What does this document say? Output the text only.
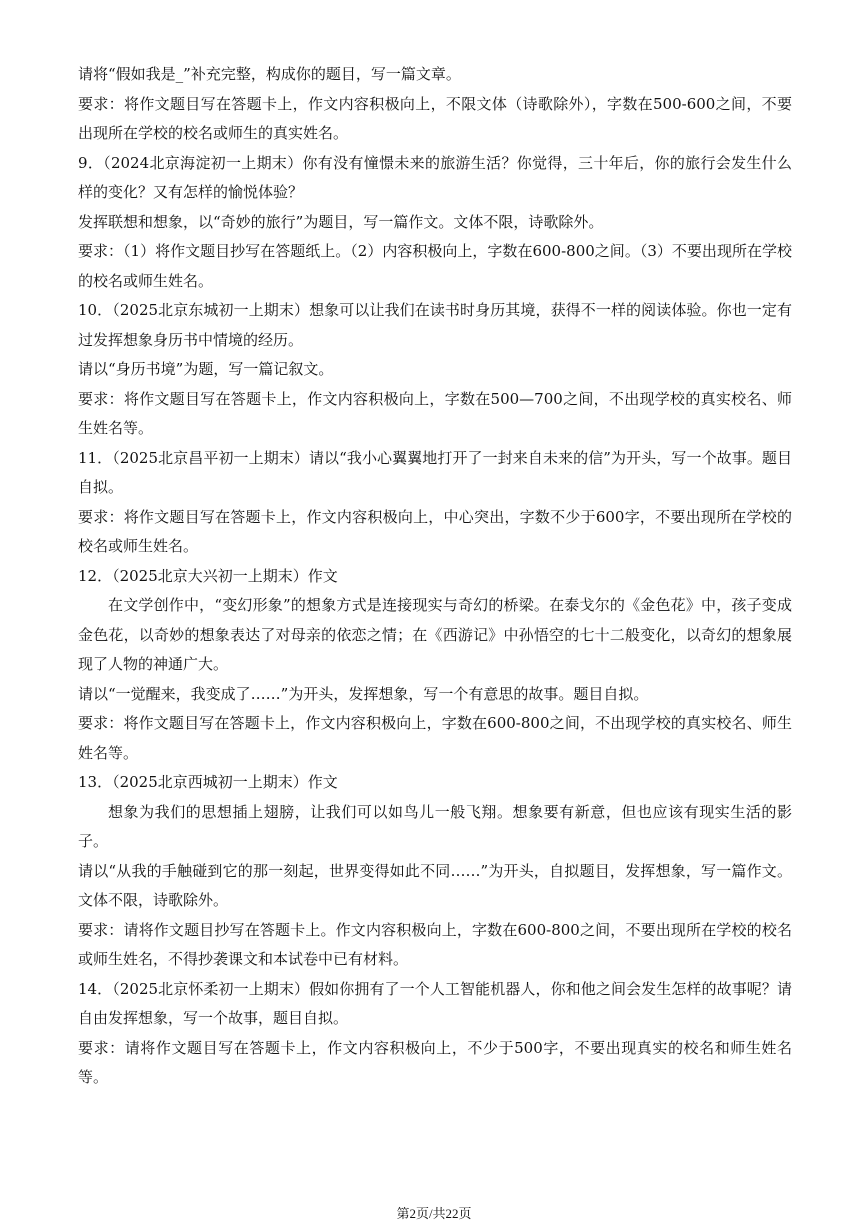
请将“假如我是_”补充完整，构成你的题目，写一篇文章。

要求：将作文题目写在答题卡上，作文内容积极向上，不限文体（诗歌除外），字数在500-600之间，不要出现所在学校的校名或师生的真实姓名。

9．（2024北京海淀初一上期末）你有没有憧憬未来的旅游生活？你觉得，三十年后，你的旅行会发生什么样的变化？又有怎样的愉悦体验？

发挥联想和想象，以“奇妙的旅行”为题目，写一篇作文。文体不限，诗歌除外。

要求：（1）将作文题目抄写在答题纸上。（2）内容积极向上，字数在600-800之间。（3）不要出现所在学校的校名或师生姓名。

10．（2025北京东城初一上期末）想象可以让我们在读书时身历其境，获得不一样的阅读体验。你也一定有过发挥想象身历书中情境的经历。

请以“身历书境”为题，写一篇记叙文。

要求：将作文题目写在答题卡上，作文内容积极向上，字数在500—700之间，不出现学校的真实校名、师生姓名等。

11．（2025北京昌平初一上期末）请以“我小心翼翼地打开了一封来自未来的信”为开头，写一个故事。题目自拟。

要求：将作文题目写在答题卡上，作文内容积极向上，中心突出，字数不少于600字，不要出现所在学校的校名或师生姓名。

12．（2025北京大兴初一上期末）作文

在文学创作中，“变幻形象”的想象方式是连接现实与奇幻的桥梁。在泰戈尔的《金色花》中，孩子变成金色花，以奇妙的想象表达了对母亲的依恋之情；在《西游记》中孙悟空的七十二般变化，以奇幻的想象展现了人物的神通广大。

请以“一觉醒来，我变成了……”为开头，发挥想象，写一个有意思的故事。题目自拟。

要求：将作文题目写在答题卡上，作文内容积极向上，字数在600-800之间，不出现学校的真实校名、师生姓名等。

13．（2025北京西城初一上期末）作文

想象为我们的思想插上翅膀，让我们可以如鸟儿一般飞翔。想象要有新意，但也应该有现实生活的影子。

请以“从我的手触碰到它的那一刻起，世界变得如此不同……”为开头，自拟题目，发挥想象，写一篇作文。文体不限，诗歌除外。

要求：请将作文题目抄写在答题卡上。作文内容积极向上，字数在600-800之间，不要出现所在学校的校名或师生姓名，不得抄袭课文和本试卷中已有材料。

14．（2025北京怀柔初一上期末）假如你拥有了一个人工智能机器人，你和他之间会发生怎样的故事呢？请自由发挥想象，写一个故事，题目自拟。

要求：请将作文题目写在答题卡上，作文内容积极向上，不少于500字，不要出现真实的校名和师生姓名等。

第2页/共22页
